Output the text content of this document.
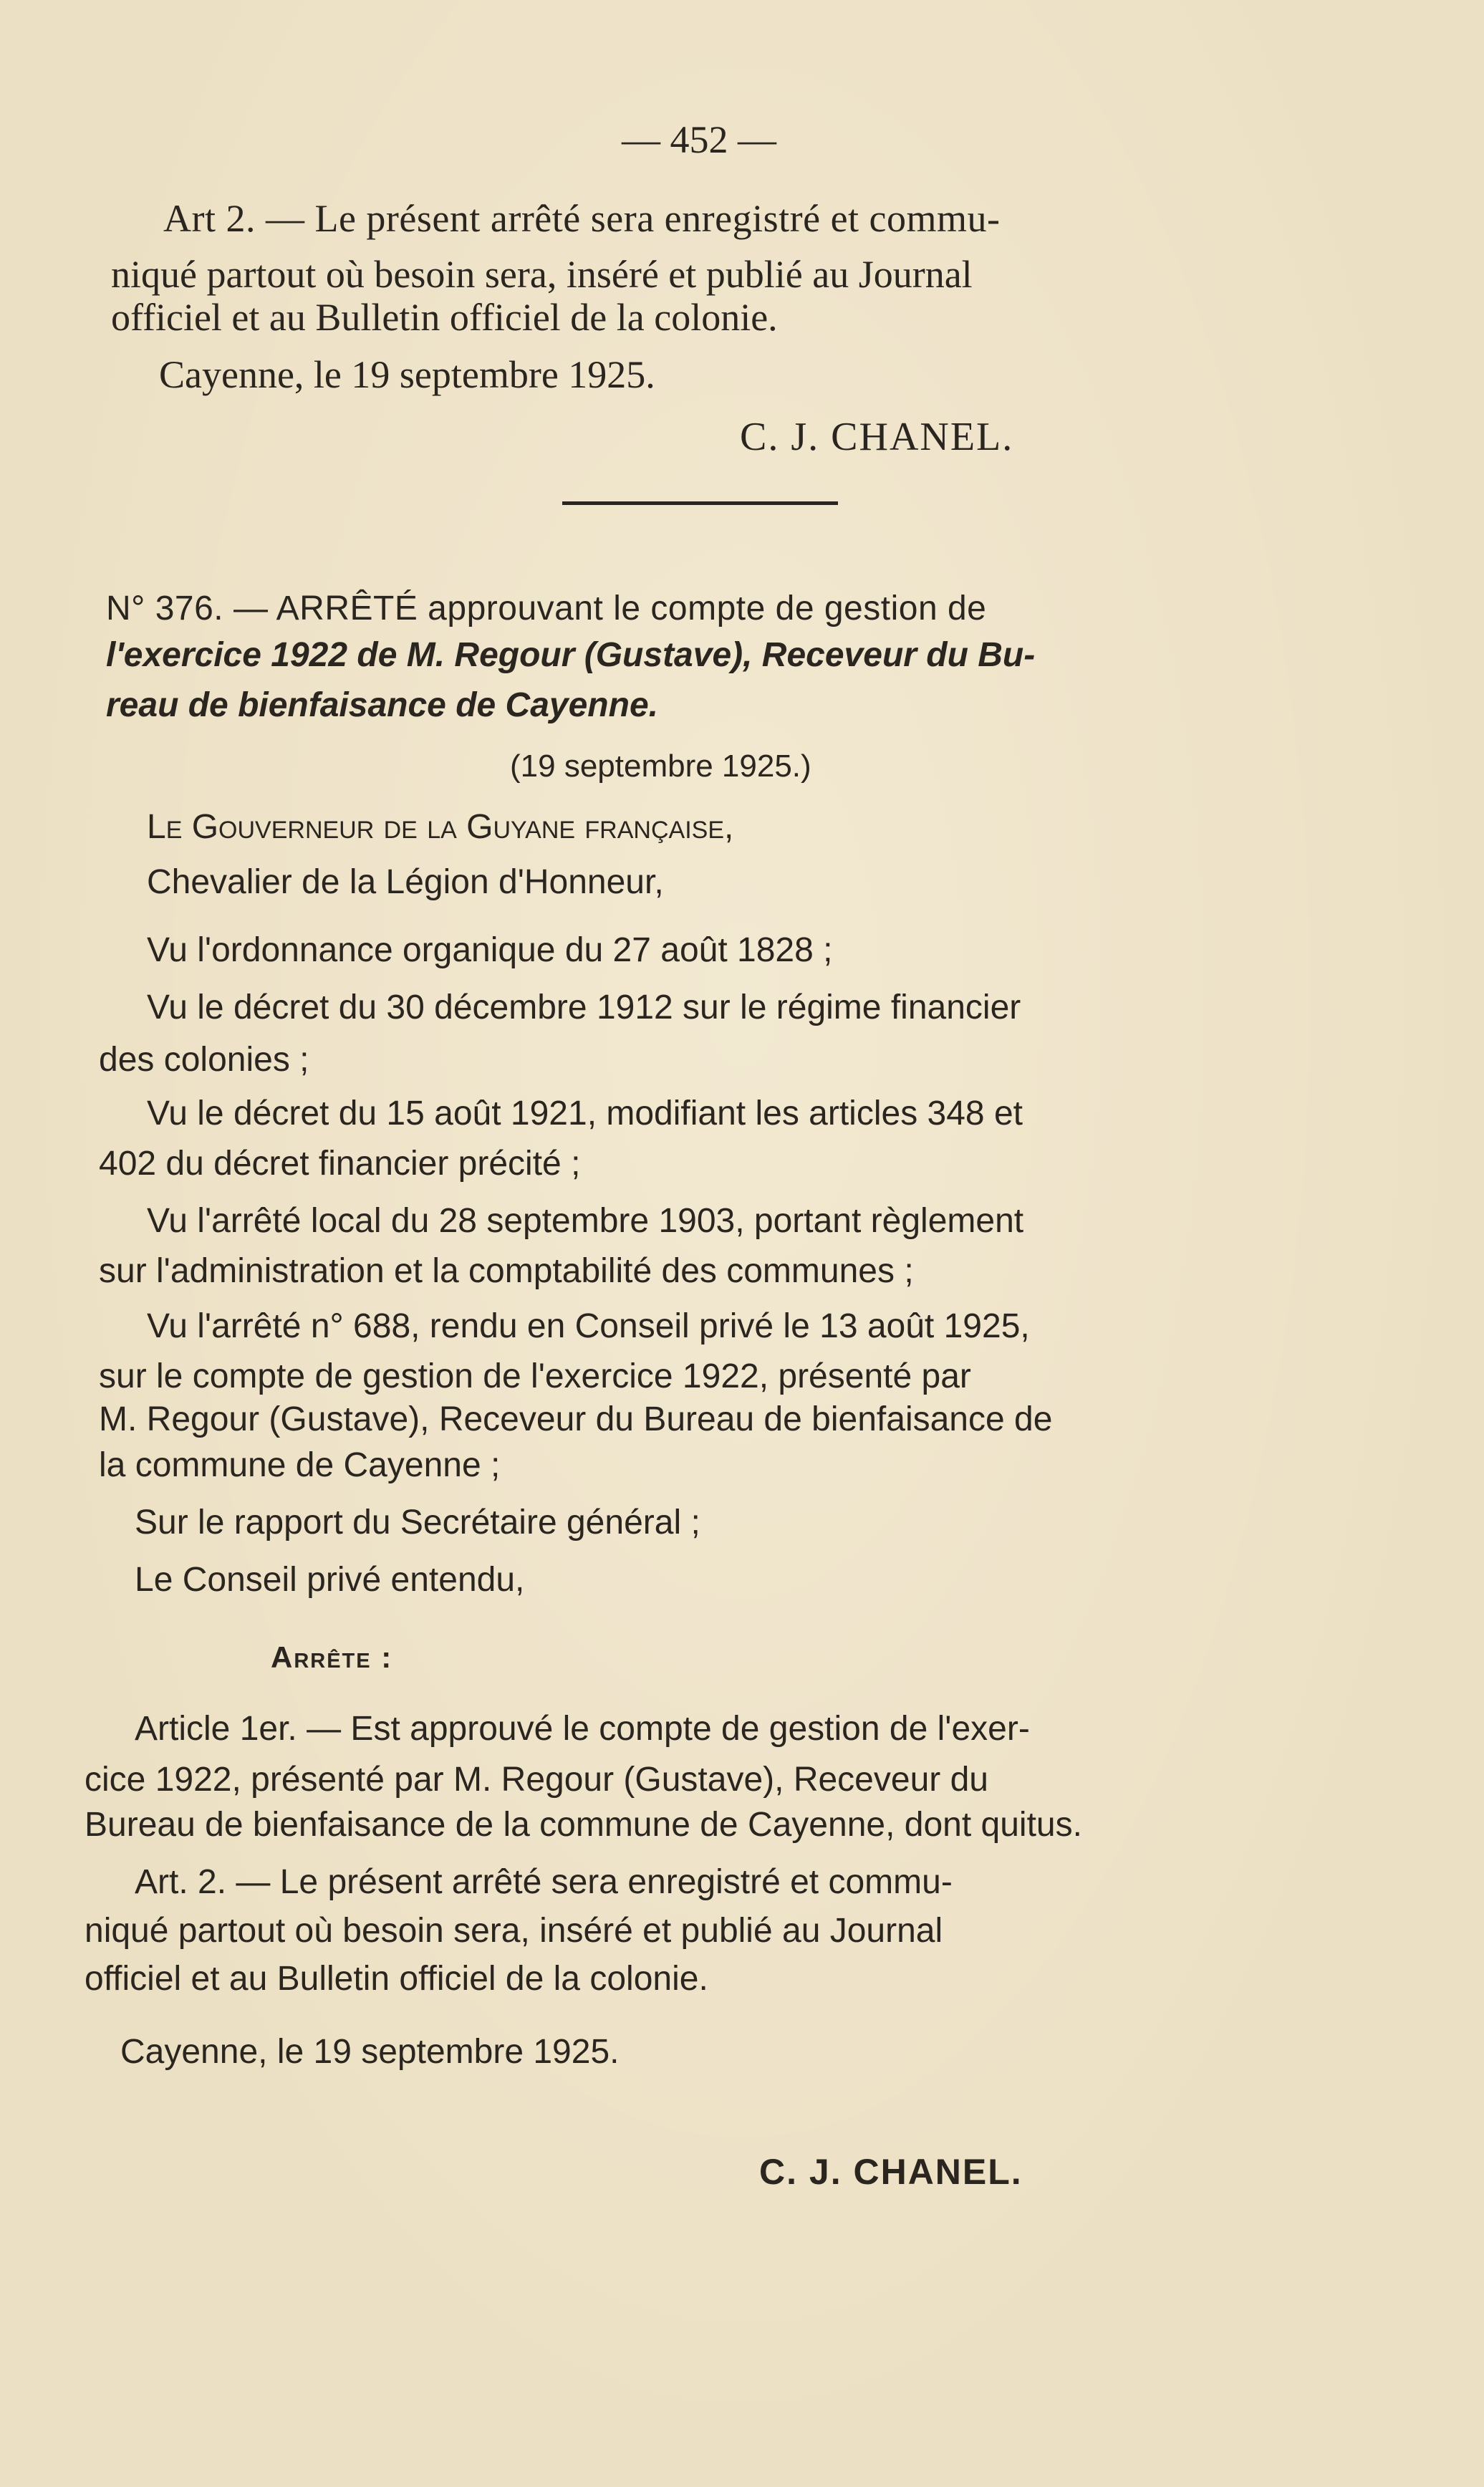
— 452 —
Art 2. — Le présent arrêté sera enregistré et commu-
niqué partout où besoin sera, inséré et publié au Journal
officiel et au Bulletin officiel de la colonie.
Cayenne, le 19 septembre 1925.
C. J. CHANEL.
N° 376. — ARRÊTÉ approuvant le compte de gestion de
l'exercice 1922 de M. Regour (Gustave), Receveur du Bu-
reau de bienfaisance de Cayenne.
(19 septembre 1925.)
Le Gouverneur de la Guyane française,
Chevalier de la Légion d'Honneur,
Vu l'ordonnance organique du 27 août 1828 ;
Vu le décret du 30 décembre 1912 sur le régime financier
des colonies ;
Vu le décret du 15 août 1921, modifiant les articles 348 et
402 du décret financier précité ;
Vu l'arrêté local du 28 septembre 1903, portant règlement
sur l'administration et la comptabilité des communes ;
Vu l'arrêté n° 688, rendu en Conseil privé le 13 août 1925,
sur le compte de gestion de l'exercice 1922, présenté par
M. Regour (Gustave), Receveur du Bureau de bienfaisance de
la commune de Cayenne ;
Sur le rapport du Secrétaire général ;
Le Conseil privé entendu,
Arrête :
Article 1er. — Est approuvé le compte de gestion de l'exer-
cice 1922, présenté par M. Regour (Gustave), Receveur du
Bureau de bienfaisance de la commune de Cayenne, dont quitus.
Art. 2. — Le présent arrêté sera enregistré et commu-
niqué partout où besoin sera, inséré et publié au Journal
officiel et au Bulletin officiel de la colonie.
Cayenne, le 19 septembre 1925.
C. J. CHANEL.
